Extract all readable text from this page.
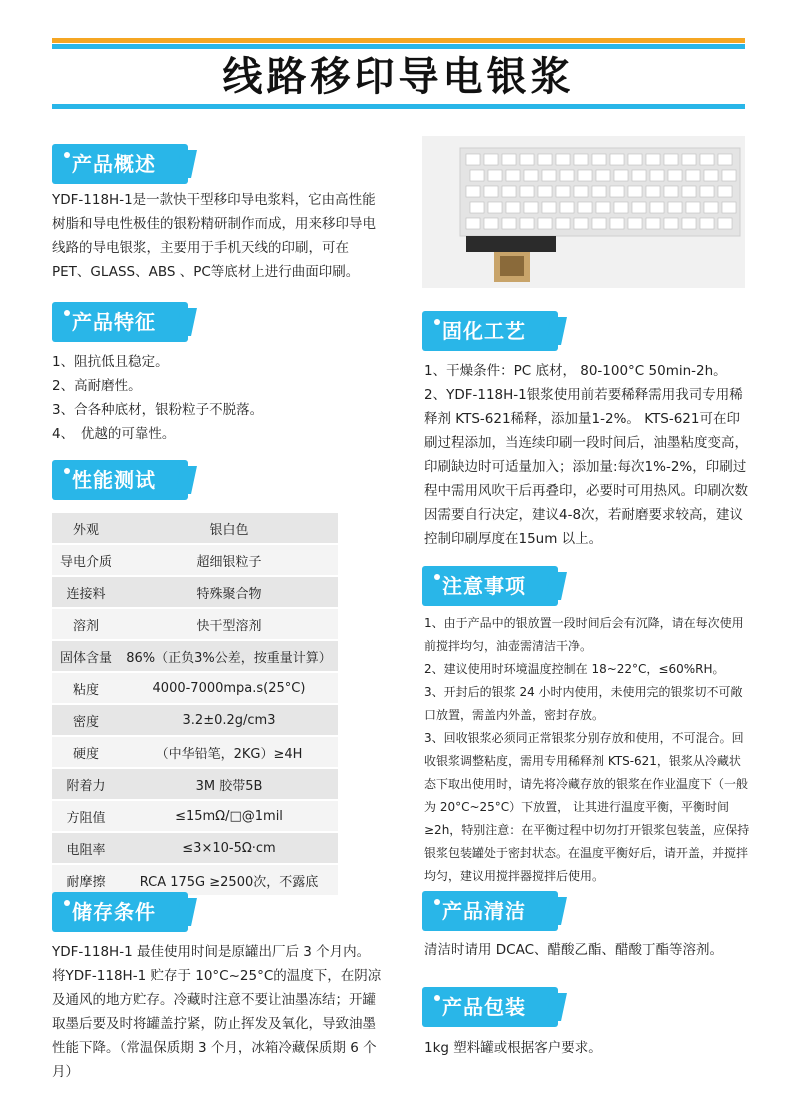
线路移印导电银浆
产品概述
YDF-118H-1是一款快干型移印导电浆料，它由高性能树脂和导电性极佳的银粉精研制作而成，用来移印导电线路的导电银浆，主要用于手机天线的印刷，可在PET、GLASS、ABS 、PC等底材上进行曲面印刷。
产品特征

1、阻抗低且稳定。

2、高耐磨性。

3、合各种底材，银粉粒子不脱落。

4、　优越的可靠性。

性能测试
外观	银白色
导电介质	超细银粒子
连接料	特殊聚合物
溶剂	快干型溶剂
固体含量	86%（正负3%公差，按重量计算）
粘度	4000-7000mpa.s(25°C)
密度	3.2±0.2g/cm3
硬度	（中华铅笔，2KG）≥4H
附着力	3M 胶带5B
方阻值	≤15mΩ/□@1mil
电阻率	≤3×10-5Ω·cm
耐摩擦	RCA 175G ≥2500次，不露底
储存条件
YDF-118H-1 最佳使用时间是原罐出厂后 3 个月内。将YDF-118H-1 贮存于 10°C~25°C的温度下，在阴凉及通风的地方贮存。冷藏时注意不要让油墨冻结；开罐取墨后要及时将罐盖拧紧，防止挥发及氧化，导致油墨性能下降。（常温保质期 3 个月，冰箱冷藏保质期 6 个月）
固化工艺

1、干燥条件：PC 底材， 80-100°C 50min-2h。

2、YDF-118H-1银浆使用前若要稀释需用我司专用稀释剂 KTS-621稀释，添加量1-2%。 KTS-621可在印刷过程添加，当连续印刷一段时间后，油墨粘度变高，印刷缺边时可适量加入；添加量:每次1%-2%，印刷过程中需用风吹干后再叠印，必要时可用热风。印刷次数因需要自行决定，建议4-8次，若耐磨要求较高，建议控制印刷厚度在15um 以上。

注意事项

1、由于产品中的银放置一段时间后会有沉降，请在每次使用前搅拌均匀，油壶需清洁干净。

2、建议使用时环境温度控制在 18~22°C，≤60%RH。

3、开封后的银浆 24 小时内使用，未使用完的银浆切不可敞口放置，需盖内外盖，密封存放。

3、回收银浆必须同正常银浆分别存放和使用，不可混合。回收银浆调整粘度，需用专用稀释剂 KTS-621，银浆从冷藏状态下取出使用时，请先将冷藏存放的银浆在作业温度下（一般为 20°C~25°C）下放置， 让其进行温度平衡，平衡时间≥2h，特别注意：在平衡过程中切勿打开银浆包装盖，应保持银浆包装罐处于密封状态。在温度平衡好后，请开盖，并搅拌均匀，建议用搅拌器搅拌后使用。

产品清洁
清洁时请用 DCAC、醋酸乙酯、醋酸丁酯等溶剂。
产品包装
1kg 塑料罐或根据客户要求。
